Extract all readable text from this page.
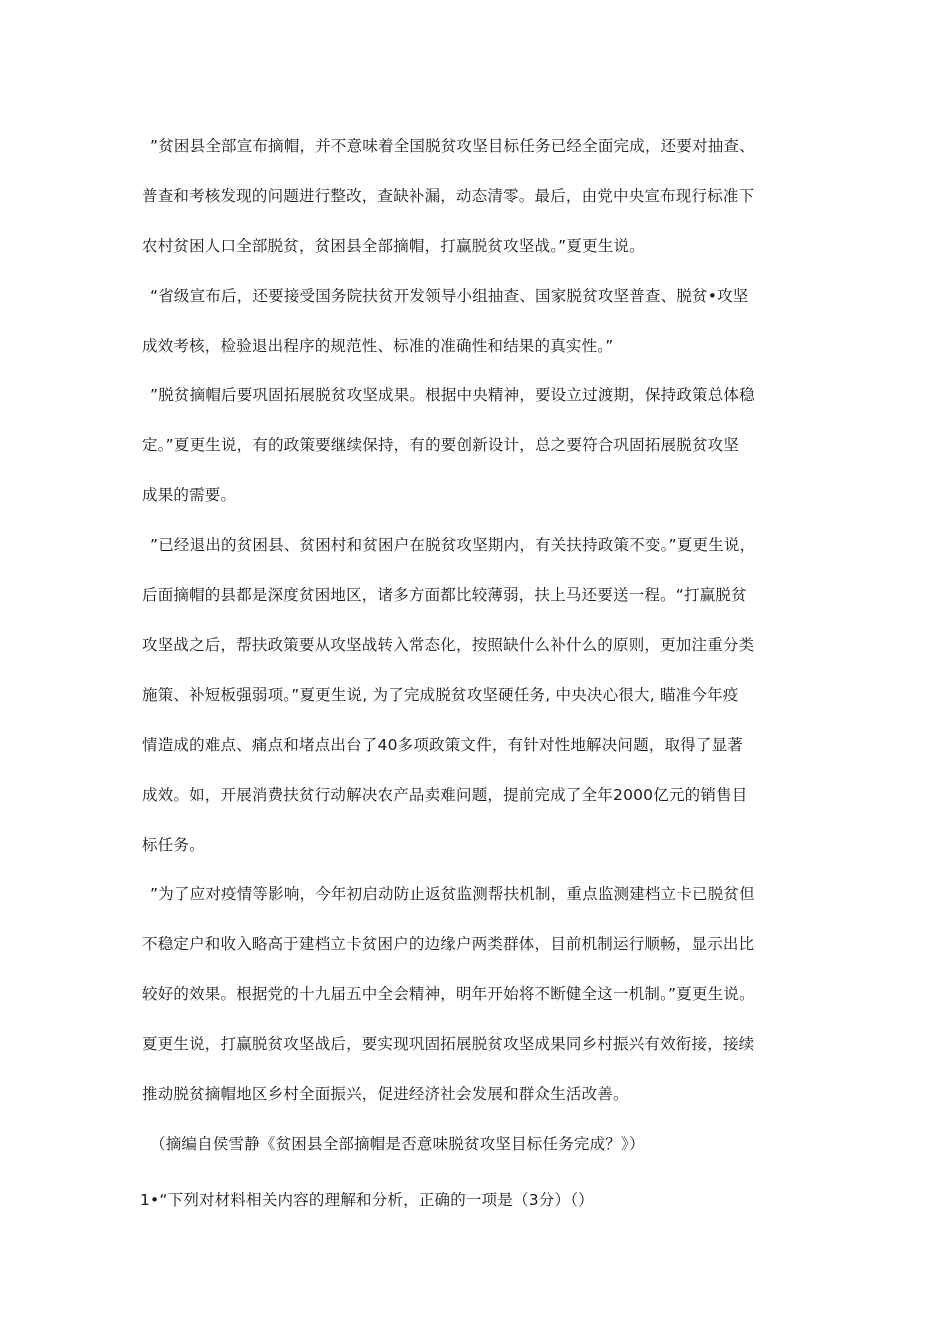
”贫困县全部宣布摘帽，并不意味着全国脱贫攻坚目标任务已经全面完成，还要对抽查、
普查和考核发现的问题进行整改，查缺补漏，动态清零。最后，由党中央宣布现行标准下
农村贫困人口全部脱贫，贫困县全部摘帽，打赢脱贫攻坚战。”夏更生说。
“省级宣布后，还要接受国务院扶贫开发领导小组抽查、国家脱贫攻坚普查、脱贫•攻坚
成效考核，检验退出程序的规范性、标准的准确性和结果的真实性。”
”脱贫摘帽后要巩固拓展脱贫攻坚成果。根据中央精神，要设立过渡期，保持政策总体稳
定。”夏更生说，有的政策要继续保持，有的要创新设计，总之要符合巩固拓展脱贫攻坚
成果的需要。
”已经退出的贫困县、贫困村和贫困户在脱贫攻坚期内，有关扶持政策不变。”夏更生说，
后面摘帽的县都是深度贫困地区，诸多方面都比较薄弱，扶上马还要送一程。“打赢脱贫
攻坚战之后，帮扶政策要从攻坚战转入常态化，按照缺什么补什么的原则，更加注重分类
施策、补短板强弱项。”夏更生说, 为了完成脱贫攻坚硬任务, 中央决心很大, 瞄准今年疫
情造成的难点、痛点和堵点出台了40多项政策文件，有针对性地解决问题，取得了显著
成效。如，开展消费扶贫行动解决农产品卖难问题，提前完成了全年2000亿元的销售目
标任务。
”为了应对疫情等影响，今年初启动防止返贫监测帮扶机制，重点监测建档立卡已脱贫但
不稳定户和收入略高于建档立卡贫困户的边缘户两类群体，目前机制运行顺畅，显示出比
较好的效果。根据党的十九届五中全会精神，明年开始将不断健全这一机制。”夏更生说。
夏更生说，打赢脱贫攻坚战后，要实现巩固拓展脱贫攻坚成果同乡村振兴有效衔接，接续
推动脱贫摘帽地区乡村全面振兴，促进经济社会发展和群众生活改善。
（摘编自侯雪静《贫困县全部摘帽是否意味脱贫攻坚目标任务完成？》）
1•“下列对材料相关内容的理解和分析，正确的一项是（3分）（）
